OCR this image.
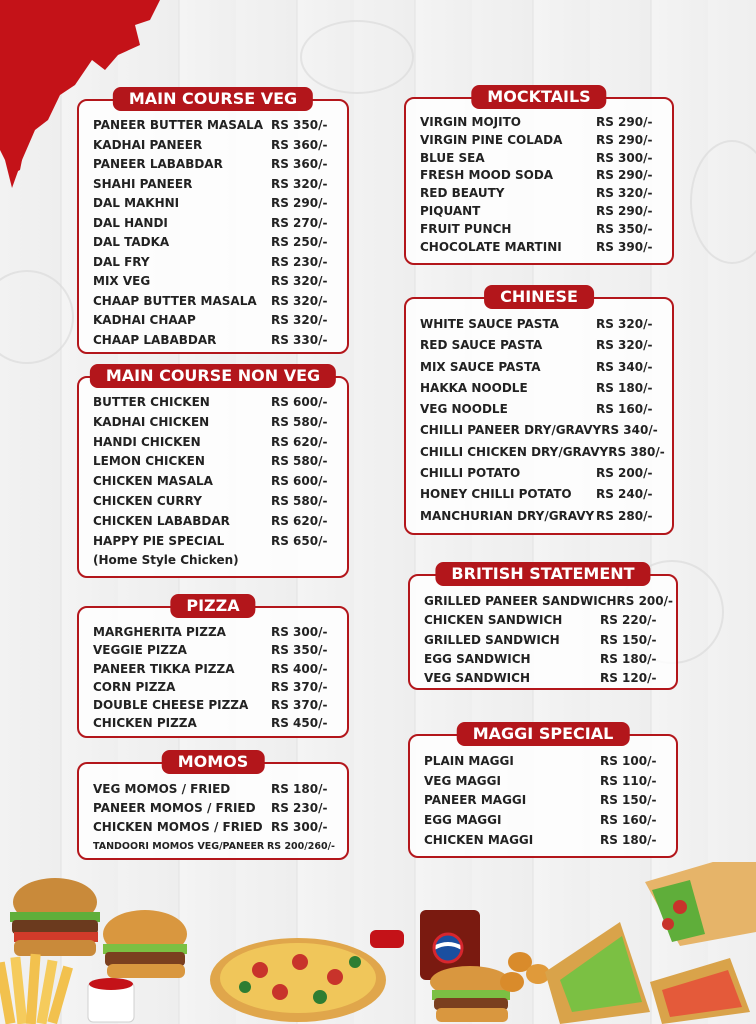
MAIN COURSE VEG
PANEER BUTTER MASALA RS 350/-
KADHAI PANEER	RS 360/-
PANEER LABABDAR	RS 360/-
SHAHI PANEER	RS 320/-
DAL MAKHNI	RS 290/-
DAL HANDI	RS 270/-
DAL TADKA	RS 250/-
DAL FRY	RS 230/-
MIX VEG	RS 320/-
CHAAP BUTTER MASALA RS 320/-
KADHAI CHAAP	RS 320/-
CHAAP LABABDAR	RS 330/-
MAIN COURSE NON VEG
BUTTER CHICKEN	RS 600/-
KADHAI CHICKEN	RS 580/-
HANDI CHICKEN	RS 620/-
LEMON CHICKEN	RS 580/-
CHICKEN MASALA	RS 600/-
CHICKEN CURRY	RS 580/-
CHICKEN LABABDAR	RS 620/-
HAPPY PIE SPECIAL	RS 650/-
(Home Style Chicken)
PIZZA
MARGHERITA PIZZA	RS 300/-
VEGGIE PIZZA	RS 350/-
PANEER TIKKA PIZZA	RS 400/-
CORN PIZZA	RS 370/-
DOUBLE CHEESE PIZZA RS 370/-
CHICKEN PIZZA	RS 450/-
MOMOS
VEG MOMOS / FRIED	RS 180/-
PANEER MOMOS / FRIED RS 230/-
CHICKEN MOMOS / FRIED RS 300/-
TANDOORI MOMOS VEG/PANEER RS 200/260/-
MOCKTAILS
VIRGIN MOJITO	RS 290/-
VIRGIN PINE COLADA	RS 290/-
BLUE SEA	RS 300/-
FRESH MOOD SODA	RS 290/-
RED BEAUTY	RS 320/-
PIQUANT	RS 290/-
FRUIT PUNCH	RS 350/-
CHOCOLATE MARTINI	RS 390/-
CHINESE
WHITE SAUCE PASTA	RS 320/-
RED SAUCE PASTA	RS 320/-
MIX SAUCE PASTA	RS 340/-
HAKKA NOODLE	RS 180/-
VEG NOODLE	RS 160/-
CHILLI PANEER DRY/GRAVY RS 340/-
CHILLI CHICKEN DRY/GRAVY RS 380/-
CHILLI POTATO	RS 200/-
HONEY CHILLI POTATO RS 240/-
MANCHURIAN DRY/GRAVY RS 280/-
BRITISH STATEMENT
GRILLED PANEER SANDWICH RS 200/-
CHICKEN SANDWICH	RS 220/-
GRILLED SANDWICH	RS 150/-
EGG SANDWICH	RS 180/-
VEG SANDWICH	RS 120/-
MAGGI SPECIAL
PLAIN MAGGI	RS 100/-
VEG MAGGI	RS 110/-
PANEER MAGGI	RS 150/-
EGG MAGGI	RS 160/-
CHICKEN MAGGI	RS 180/-
